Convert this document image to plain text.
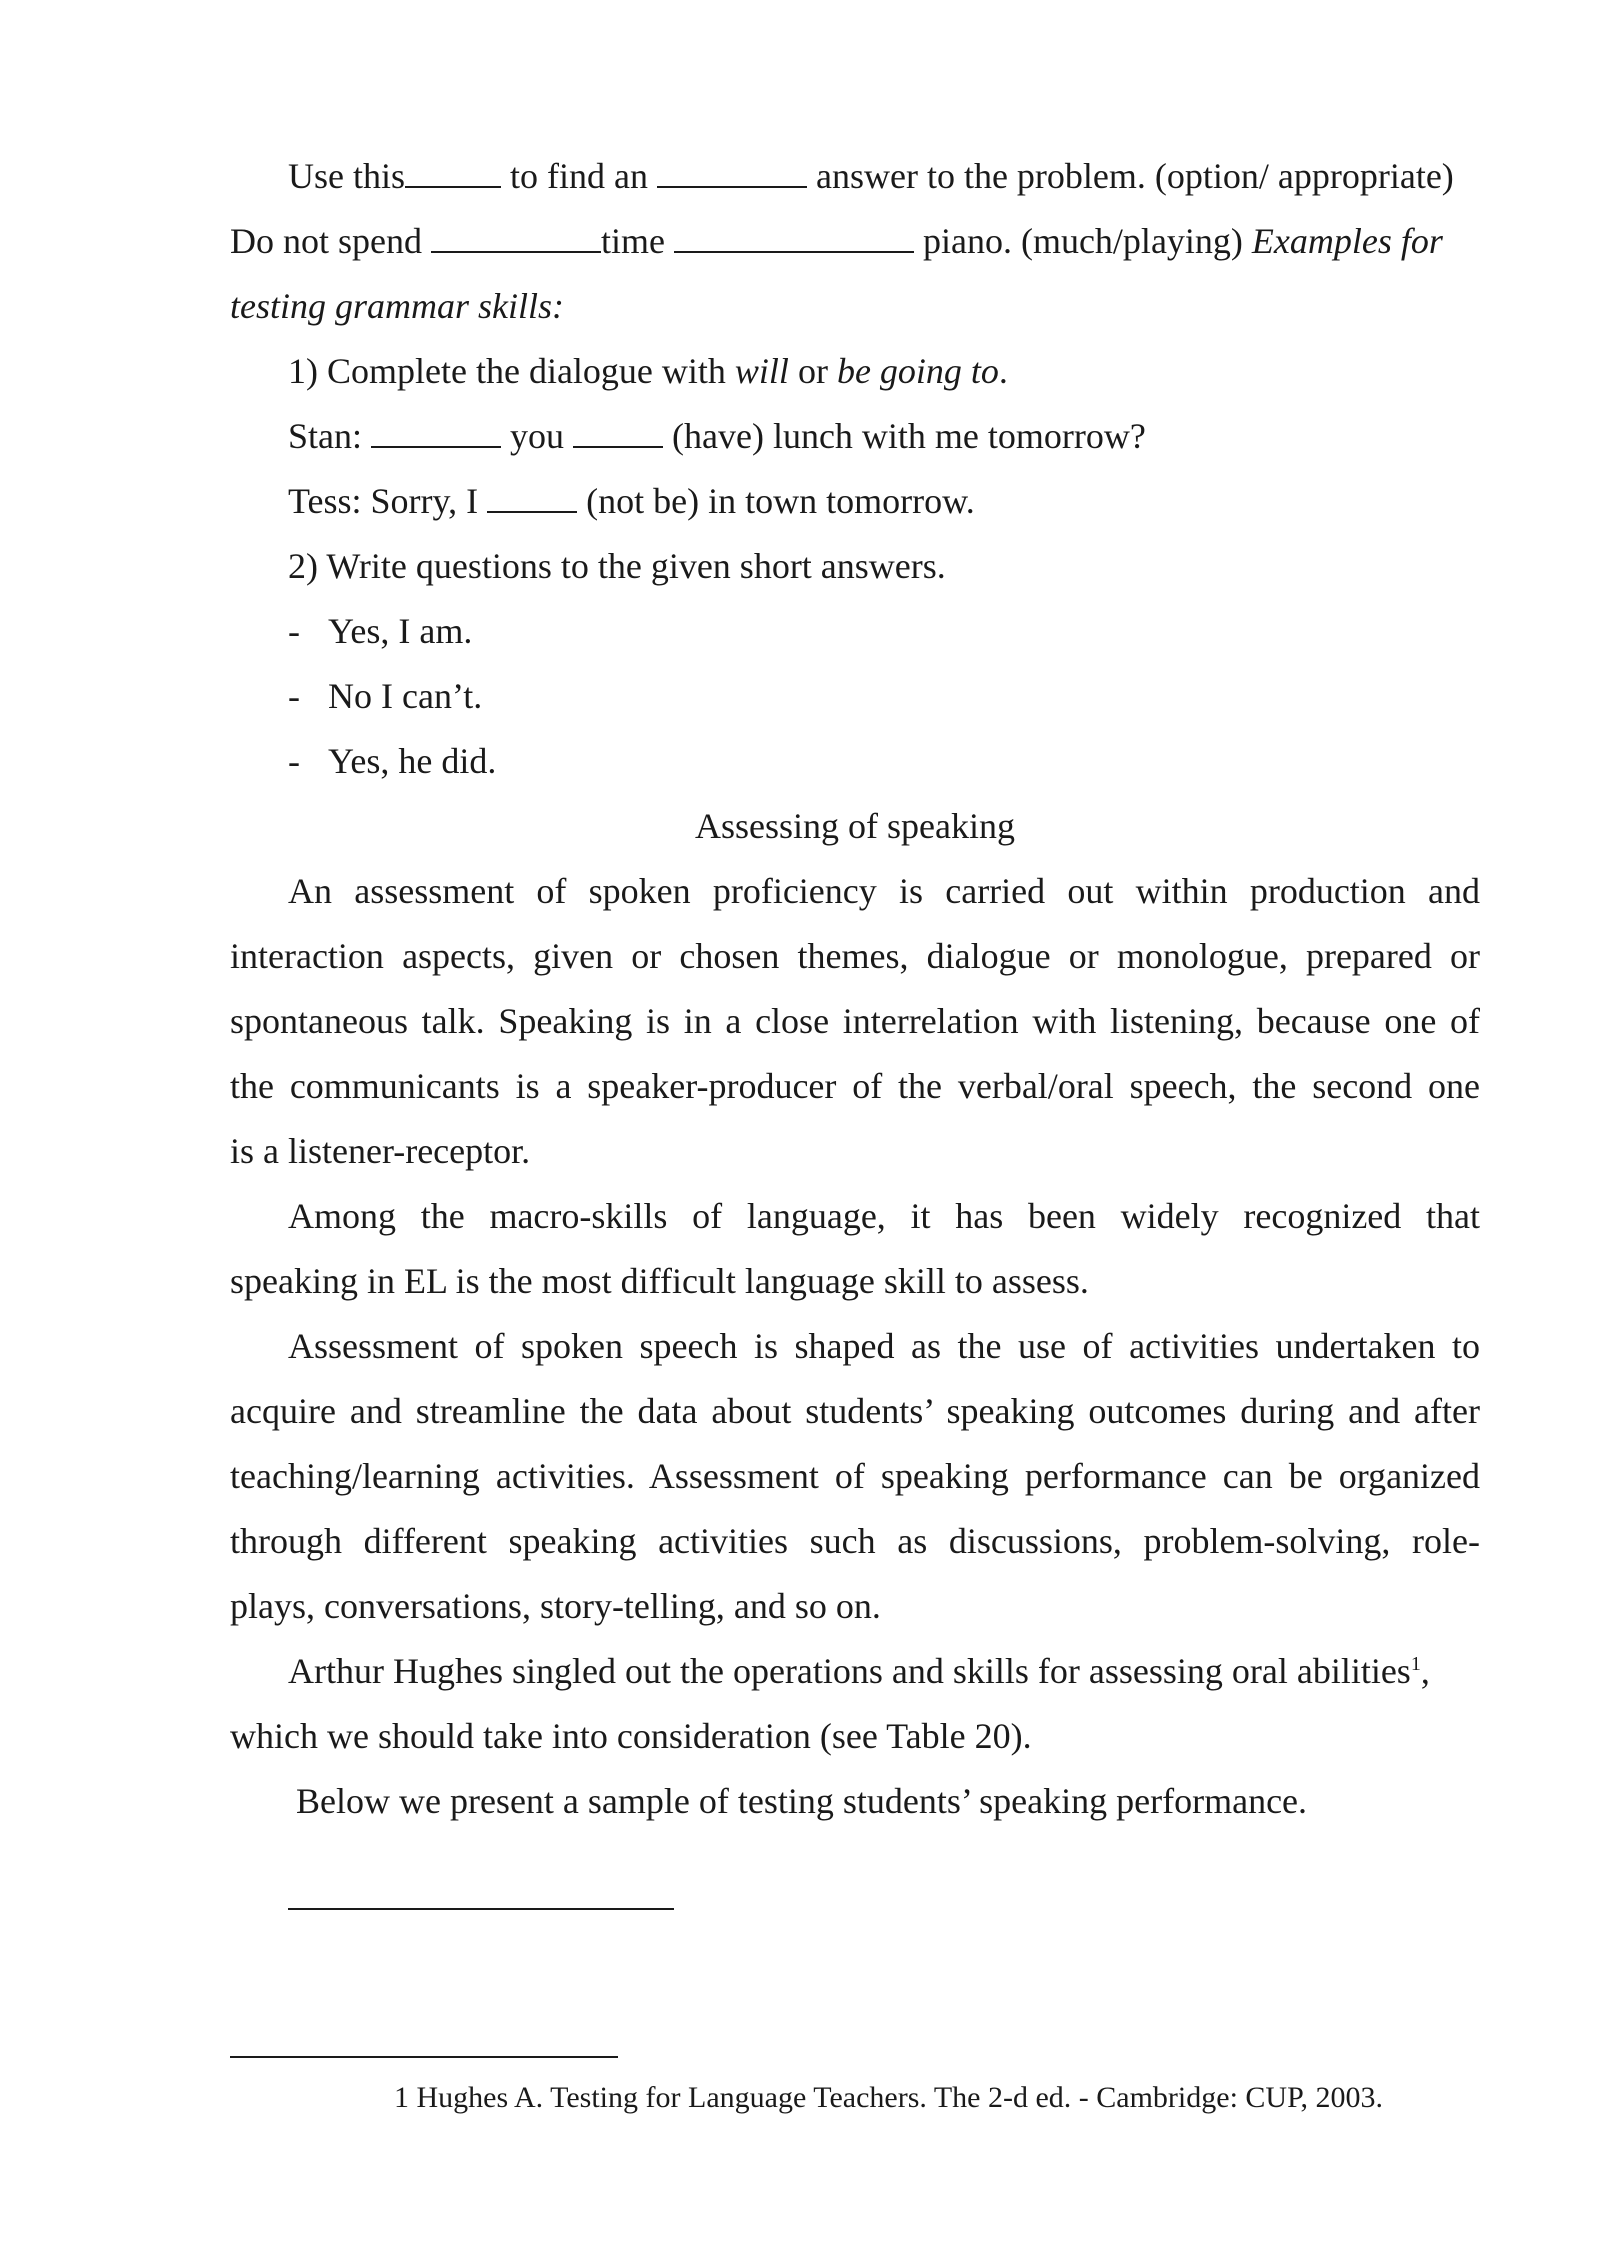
Use this	to find an	answer to the problem. (option/ appropriate)
Do not spend	time	piano. (much/playing) Examples for
testing grammar skills:
1) Complete the dialogue with will or be going to.
Stan:	you	(have) lunch with me tomorrow?
Tess: Sorry, I	(not be) in town tomorrow.
2) Write questions to the given short answers.
- Yes, I am.
- No I can’t.
- Yes, he did.
Assessing of speaking
An assessment of spoken proficiency is carried out within production and
interaction aspects, given or chosen themes, dialogue or monologue, prepared or
spontaneous talk. Speaking is in a close interrelation with listening, because one of
the communicants is a speaker-producer of the verbal/oral speech, the second one
is a listener-receptor.
Among the macro-skills of language, it has been widely recognized that
speaking in EL is the most difficult language skill to assess.
Assessment of spoken speech is shaped as the use of activities undertaken to
acquire and streamline the data about students’ speaking outcomes during and after
teaching/learning activities. Assessment of speaking performance can be organized
through different speaking activities such as discussions, problem-solving, role-
plays, conversations, story-telling, and so on.
Arthur Hughes singled out the operations and skills for assessing oral abilities$^1$,
which we should take into consideration (see Table 20).
Below we present a sample of testing students’ speaking performance.
1 Hughes A. Testing for Language Teachers. The 2-d ed. - Cambridge: CUP, 2003.
